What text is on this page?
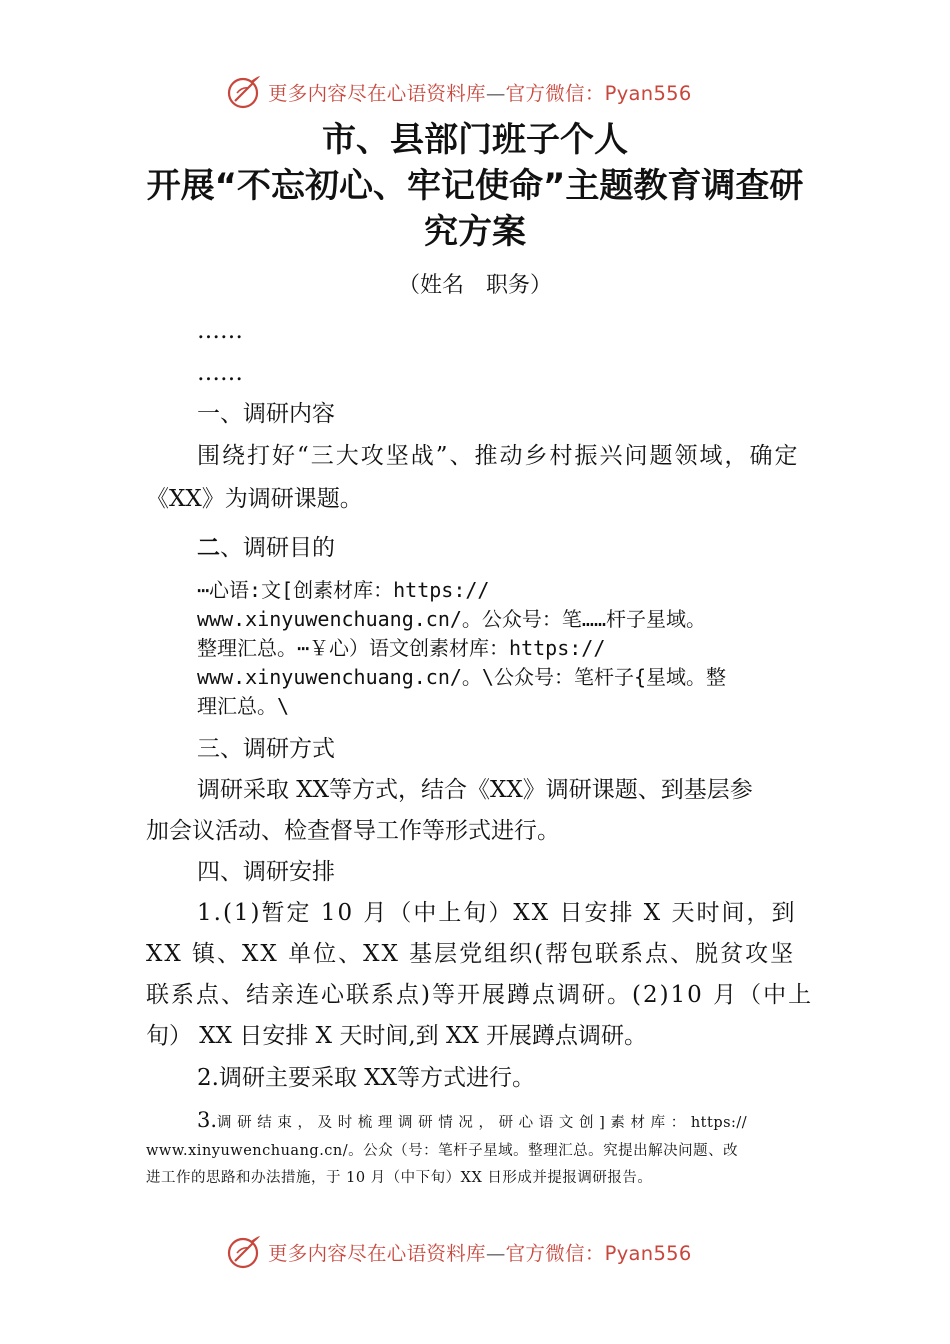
更多内容尽在心语资料库—官方微信：Pyan556
市、县部门班子个人
开展“不忘初心、牢记使命”主题教育调查研
究方案
（姓名　职务）
……
……
一、调研内容
围绕打好“三大攻坚战”、推动乡村振兴问题领域，确定
《XX》为调研课题。
二、调研目的
⋯心语:文[创素材库：https://
www.xinyuwenchuang.cn/。公众号：笔……杆子星域。
整理汇总。⋯￥心）语文创素材库：https://
www.xinyuwenchuang.cn/。\公众号：笔杆子{星域。整
理汇总。\
三、调研方式
调研采取 XX等方式，结合《XX》调研课题、到基层参
加会议活动、检查督导工作等形式进行。
四、调研安排
1.(1)暂定 10 月（中上旬）XX 日安排 X 天时间，到
XX 镇、XX 单位、XX 基层党组织(帮包联系点、脱贫攻坚
联系点、结亲连心联系点)等开展蹲点调研。(2)10 月（中上
旬） XX 日安排 X 天时间,到 XX 开展蹲点调研。
2.调研主要采取 XX等方式进行。
3.调 研 结 束 ， 及 时 梳 理 调 研 情 况 ， 研 心 语 文 创 ] 素 材 库 ： https://
www.xinyuwenchuang.cn/。公众（号：笔杆子星域。整理汇总。究提出解决问题、改
进工作的思路和办法措施，于 10 月（中下旬）XX 日形成并提报调研报告。
更多内容尽在心语资料库—官方微信：Pyan556
